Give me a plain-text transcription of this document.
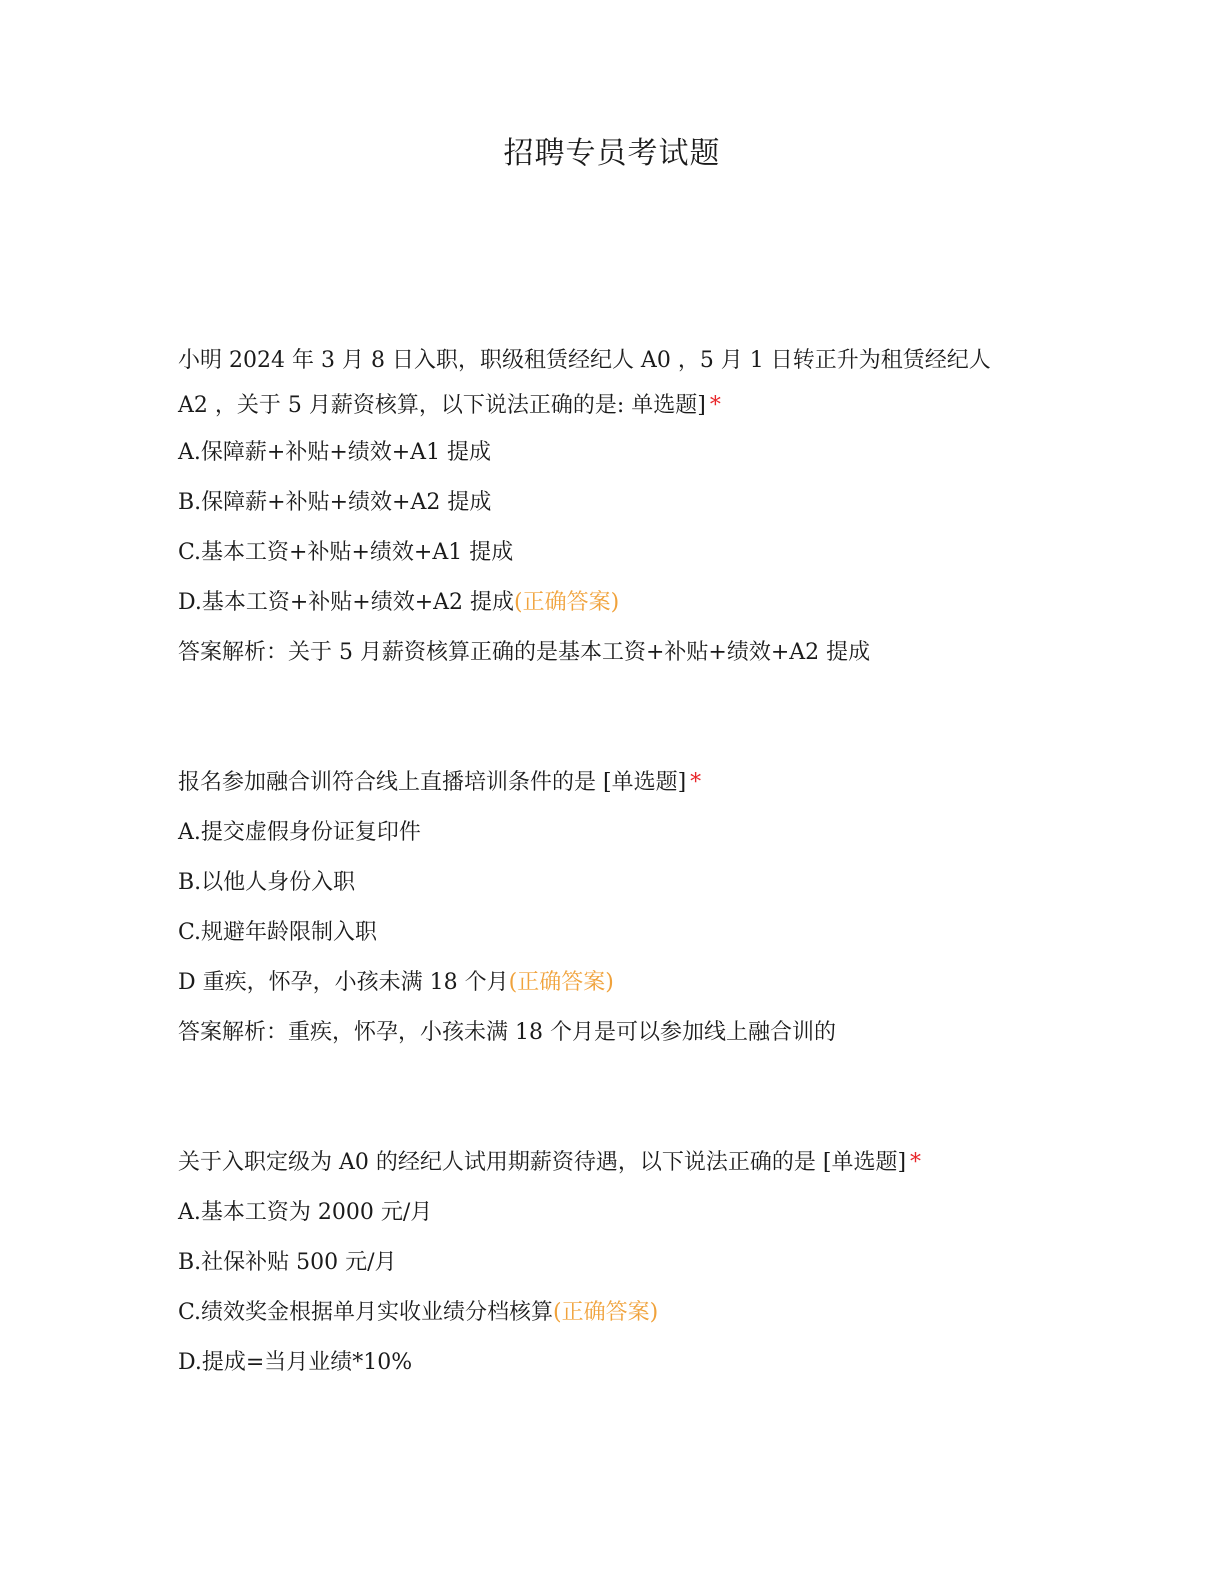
招聘专员考试题

小明 2024 年 3 月 8 日入职，职级租赁经纪人 A0 ，5 月 1 日转正升为租赁经纪人 A2 ，关于 5 月薪资核算，以下说法正确的是: 单选题] *

A.保障薪+补贴+绩效+A1 提成
B.保障薪+补贴+绩效+A2 提成
C.基本工资+补贴+绩效+A1 提成
D.基本工资+补贴+绩效+A2 提成(正确答案)
答案解析：关于 5 月薪资核算正确的是基本工资+补贴+绩效+A2 提成
报名参加融合训符合线上直播培训条件的是 [单选题] *
A.提交虚假身份证复印件
B.以他人身份入职
C.规避年龄限制入职
D 重疾，怀孕，小孩未满 18 个月(正确答案)
答案解析：重疾，怀孕，小孩未满 18 个月是可以参加线上融合训的
关于入职定级为 A0 的经纪人试用期薪资待遇，以下说法正确的是 [单选题] *
A.基本工资为 2000 元/月
B.社保补贴 500 元/月
C.绩效奖金根据单月实收业绩分档核算(正确答案)
D.提成=当月业绩*10%
